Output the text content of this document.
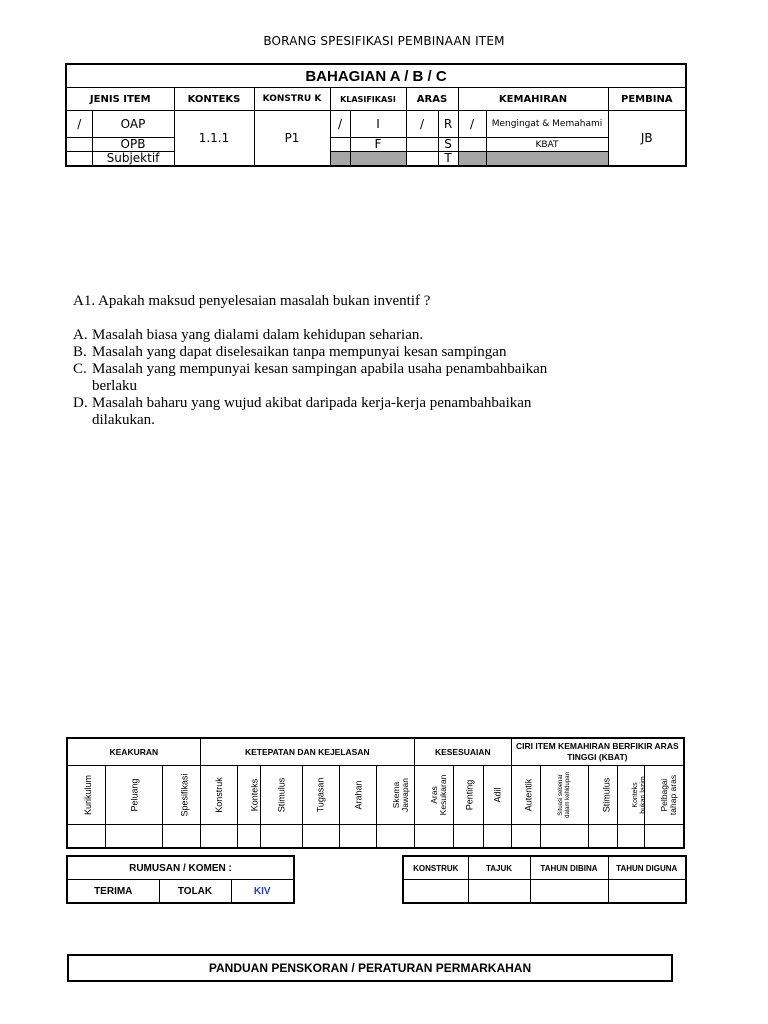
BORANG SPESIFIKASI PEMBINAAN ITEM
BAHAGIAN A / B / C										
JENIS ITEM		KONTEKS	KONSTRU K	KLASIFIKASI		ARAS		KEMAHIRAN		PEMBINA
/	OAP	1.1.1	P1	/	I	/	R	/	Mengingat & Memahami	JB
	OPB				F		S		KBAT	
	Subjektif						T			
A1. Apakah maksud penyelesaian masalah bukan inventif ?
A. Masalah biasa yang dialami dalam kehidupan seharian.
B. Masalah yang dapat diselesaikan tanpa mempunyai kesan sampingan
C. Masalah yang mempunyai kesan sampingan apabila usaha penambahbaikan berlaku
D. Masalah baharu yang wujud akibat daripada kerja-kerja penambahbaikan dilakukan.
KEAKURAN			KETEPATAN DAN KEJELASAN						KESESUAIAN			CIRI ITEM KEMAHIRAN BERFIKIR ARAS TINGGI (KBAT)				
Kurikulum	Peluang	Spesifikasi	Konstruk	Konteks	Stimulus	Tugasan	Arahan	Skema Jawapan	Aras Kesukaran	Penting	Adil	Autentik	Situasi sebenar dalam kehidupan	Stimulus	Konteks bukan lazim	Pelbagai tahap aras

RUMUSAN / KOMEN :
TERIMA	TOLAK	KIV
KONSTRUK	TAJUK	TAHUN DIBINA	TAHUN DIGUNA

PANDUAN PENSKORAN / PERATURAN PERMARKAHAN
